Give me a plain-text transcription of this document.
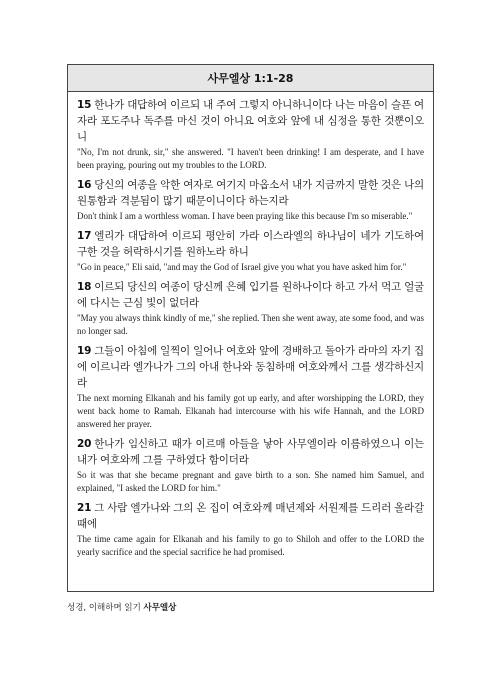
사무엘상 1:1-28
15 한나가 대답하여 이르되 내 주여 그렇지 아니하니이다 나는 마음이 슬픈 여자라 포도주나 독주를 마신 것이 아니요 여호와 앞에 내 심정을 통한 것뿐이오니
"No, I'm not drunk, sir," she answered. "I haven't been drinking! I am desperate, and I have been praying, pouring out my troubles to the LORD.
16 당신의 여종을 악한 여자로 여기지 마옵소서 내가 지금까지 말한 것은 나의 원통함과 격분됨이 많기 때문이니이다 하는지라
Don't think I am a worthless woman. I have been praying like this because I'm so miserable."
17 엘리가 대답하여 이르되 평안히 가라 이스라엘의 하나님이 네가 기도하여 구한 것을 허락하시기를 원하노라 하니
"Go in peace," Eli said, "and may the God of Israel give you what you have asked him for."
18 이르되 당신의 여종이 당신께 은혜 입기를 원하나이다 하고 가서 먹고 얼굴에 다시는 근심 빛이 없더라
"May you always think kindly of me," she replied. Then she went away, ate some food, and was no longer sad.
19 그들이 아침에 일찍이 일어나 여호와 앞에 경배하고 돌아가 라마의 자기 집에 이르니라 엘가나가 그의 아내 한나와 동침하매 여호와께서 그를 생각하신지라
The next morning Elkanah and his family got up early, and after worshipping the LORD, they went back home to Ramah. Elkanah had intercourse with his wife Hannah, and the LORD answered her prayer.
20 한나가 임신하고 때가 이르매 아들을 낳아 사무엘이라 이름하였으니 이는 내가 여호와께 그를 구하였다 함이더라
So it was that she became pregnant and gave birth to a son. She named him Samuel, and explained, "I asked the LORD for him."
21 그 사람 엘가나와 그의 온 집이 여호와께 매년제와 서원제를 드리러 올라갈 때에
The time came again for Elkanah and his family to go to Shiloh and offer to the LORD the yearly sacrifice and the special sacrifice he had promised.
성경, 이해하며 읽기 사무엘상
